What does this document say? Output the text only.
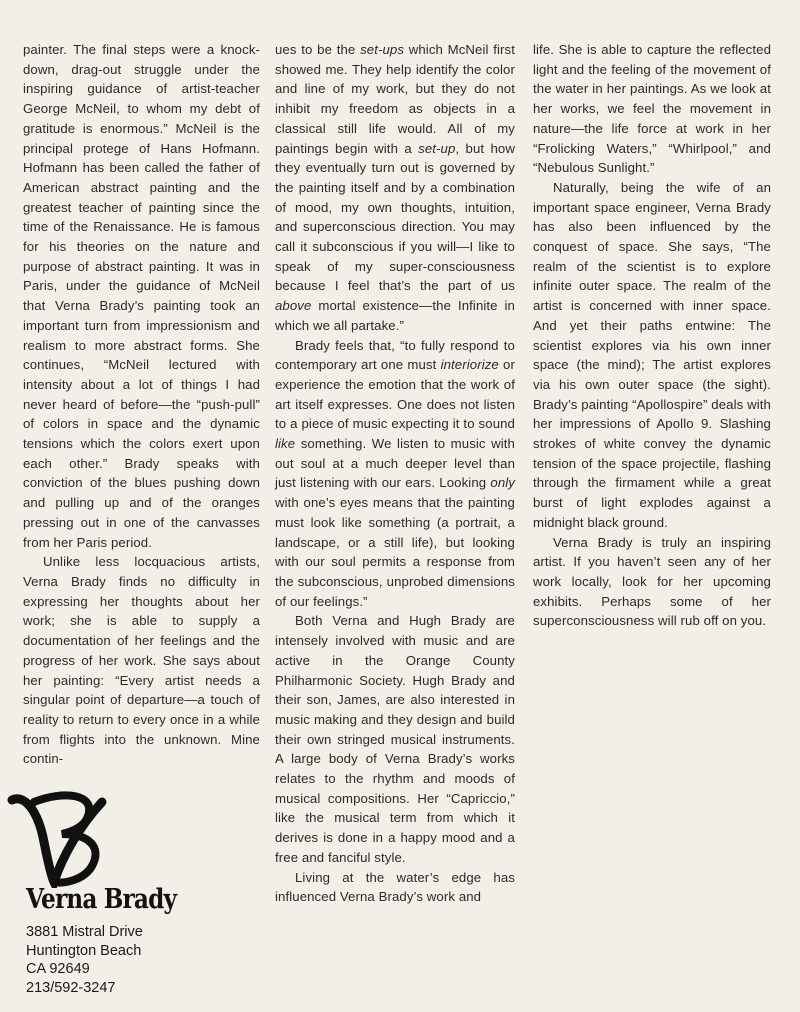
painter. The final steps were a knock-down, drag-out struggle under the inspiring guidance of artist-teacher George McNeil, to whom my debt of gratitude is enormous.” McNeil is the principal protege of Hans Hofmann. Hofmann has been called the father of American abstract painting and the greatest teacher of painting since the time of the Renaissance. He is famous for his theories on the nature and purpose of abstract painting. It was in Paris, under the guidance of McNeil that Verna Brady’s painting took an important turn from impressionism and realism to more abstract forms. She continues, “McNeil lectured with intensity about a lot of things I had never heard of before—the “push-pull” of colors in space and the dynamic tensions which the colors exert upon each other.” Brady speaks with conviction of the blues pushing down and pulling up and of the oranges pressing out in one of the canvasses from her Paris period.

Unlike less locquacious artists, Verna Brady finds no difficulty in expressing her thoughts about her work; she is able to supply a documentation of her feelings and the progress of her work. She says about her painting: “Every artist needs a singular point of departure—a touch of reality to return to every once in a while from flights into the unknown. Mine contin-

ues to be the set-ups which McNeil first showed me. They help identify the color and line of my work, but they do not inhibit my freedom as objects in a classical still life would. All of my paintings begin with a set-up, but how they eventually turn out is governed by the painting itself and by a combination of mood, my own thoughts, intuition, and superconscious direction. You may call it subconscious if you will—I like to speak of my super-consciousness because I feel that’s the part of us above mortal existence—the Infinite in which we all partake.”

Brady feels that, “to fully respond to contemporary art one must interiorize or experience the emotion that the work of art itself expresses. One does not listen to a piece of music expecting it to sound like something. We listen to music with out soul at a much deeper level than just listening with our ears. Looking only with one’s eyes means that the painting must look like something (a portrait, a landscape, or a still life), but looking with our soul permits a response from the subconscious, unprobed dimensions of our feelings.”

Both Verna and Hugh Brady are intensely involved with music and are active in the Orange County Philharmonic Society. Hugh Brady and their son, James, are also interested in music making and they design and build their own stringed musical instruments. A large body of Verna Brady’s works relates to the rhythm and moods of musical compositions. Her “Capriccio,” like the musical term from which it derives is done in a happy mood and a free and fanciful style.

Living at the water’s edge has influenced Verna Brady’s work and

life. She is able to capture the reflected light and the feeling of the movement of the water in her paintings. As we look at her works, we feel the movement in nature—the life force at work in her “Frolicking Waters,” “Whirlpool,” and “Nebulous Sunlight.”

Naturally, being the wife of an important space engineer, Verna Brady has also been influenced by the conquest of space. She says, “The realm of the scientist is to explore infinite outer space. The realm of the artist is concerned with inner space. And yet their paths entwine: The scientist explores via his own inner space (the mind); The artist explores via his own outer space (the sight). Brady’s painting “Apollospire” deals with her impressions of Apollo 9. Slashing strokes of white convey the dynamic tension of the space projectile, flashing through the firmament while a great burst of light explodes against a midnight black ground.

Verna Brady is truly an inspiring artist. If you haven’t seen any of her work locally, look for her upcoming exhibits. Perhaps some of her superconsciousness will rub off on you.

Verna Brady
3881 Mistral Drive
Huntington Beach
CA 92649
213/592-3247
